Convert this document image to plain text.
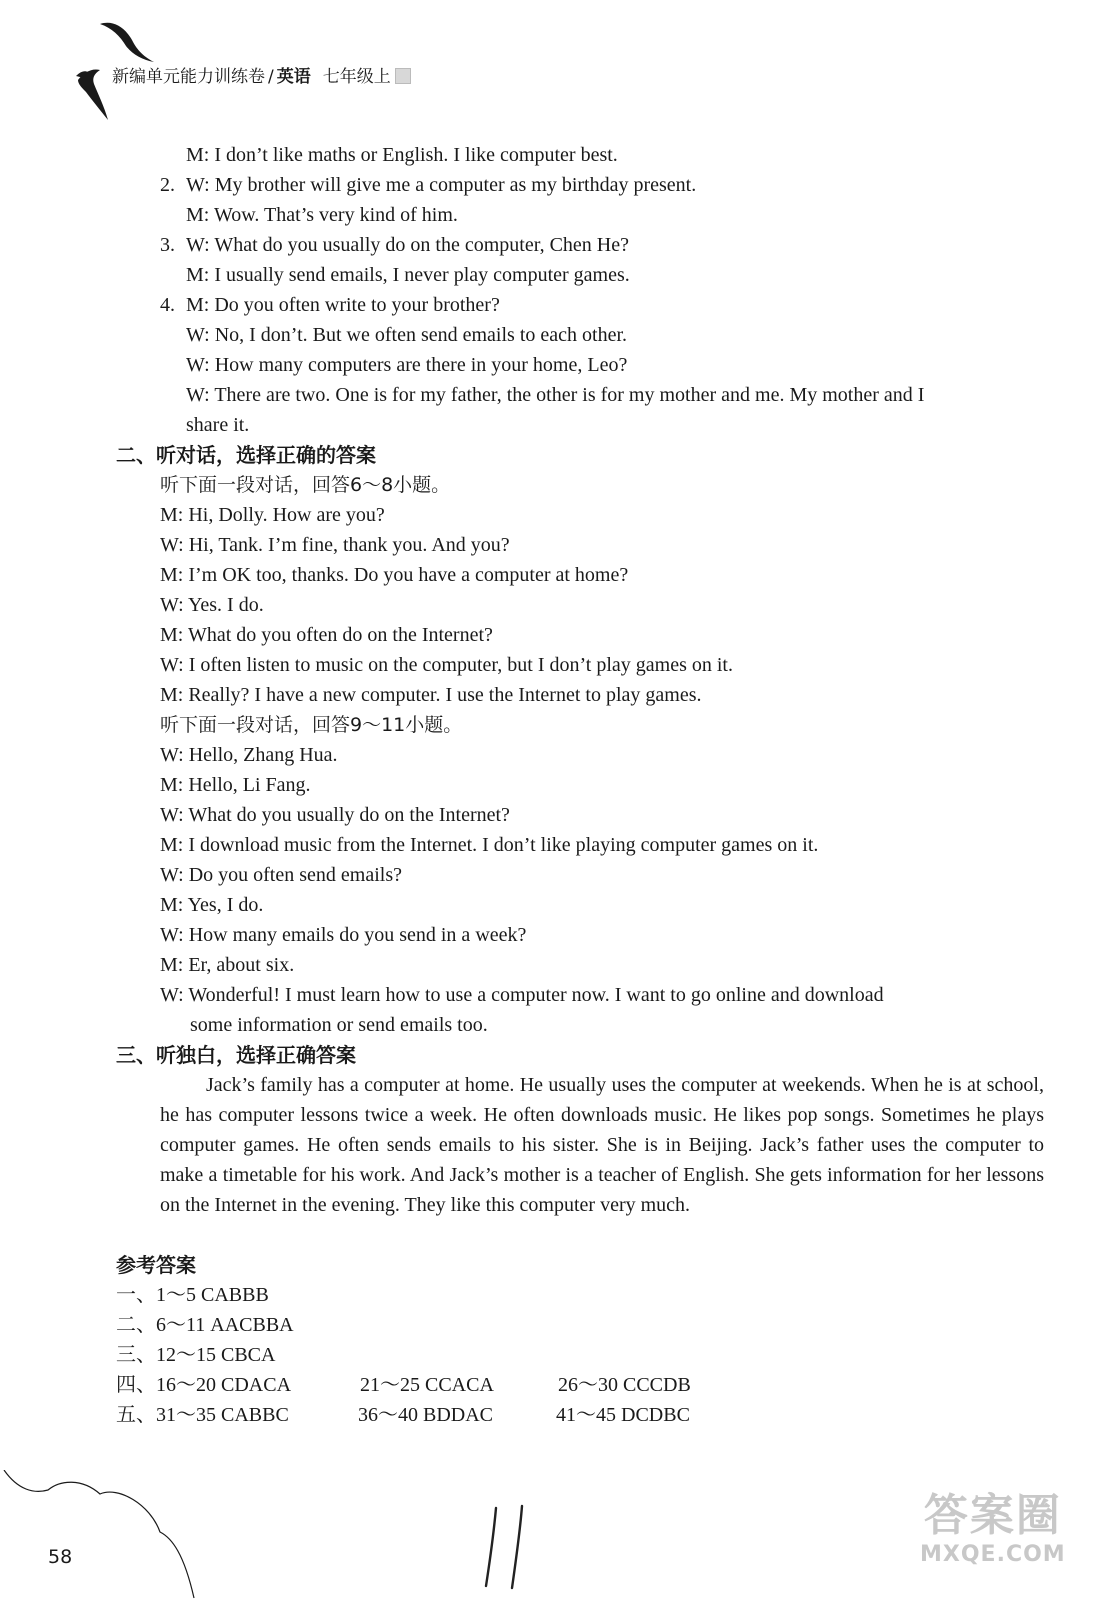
新编单元能力训练卷 / 英语 七年级上
M: I don’t like maths or English. I like computer best.
2. W: My brother will give me a computer as my birthday present.
M: Wow. That’s very kind of him.
3. W: What do you usually do on the computer, Chen He?
M: I usually send emails, I never play computer games.
4. M: Do you often write to your brother?
W: No, I don’t. But we often send emails to each other.
W: How many computers are there in your home, Leo?
W: There are two. One is for my father, the other is for my mother and me. My mother and I
share it.
二、听对话，选择正确的答案
听下面一段对话，回答6～8小题。
M: Hi, Dolly. How are you?
W: Hi, Tank. I’m fine, thank you. And you?
M: I’m OK too, thanks. Do you have a computer at home?
W: Yes. I do.
M: What do you often do on the Internet?
W: I often listen to music on the computer, but I don’t play games on it.
M: Really? I have a new computer. I use the Internet to play games.
听下面一段对话，回答9～11小题。
W: Hello, Zhang Hua.
M: Hello, Li Fang.
W: What do you usually do on the Internet?
M: I download music from the Internet. I don’t like playing computer games on it.
W: Do you often send emails?
M: Yes, I do.
W: How many emails do you send in a week?
M: Er, about six.
W: Wonderful! I must learn how to use a computer now. I want to go online and download
some information or send emails too.
三、听独白，选择正确答案
Jack’s family has a computer at home. He usually uses the computer at weekends. When he is at school, he has computer lessons twice a week. He often downloads music. He likes pop songs. Sometimes he plays computer games. He often sends emails to his sister. She is in Beijing. Jack’s father uses the computer to make a timetable for his work. And Jack’s mother is a teacher of English. She gets information for her lessons on the Internet in the evening. They like this computer very much.
参考答案
一、1～5 CABBB
二、6～11 AACBBA
三、12～15 CBCA
四、16～20 CDACA	21～25 CCACA	26～30 CCCDB
五、31～35 CABBC	36～40 BDDAC	41～45 DCDBC
58
答案圈
MXQE.COM
